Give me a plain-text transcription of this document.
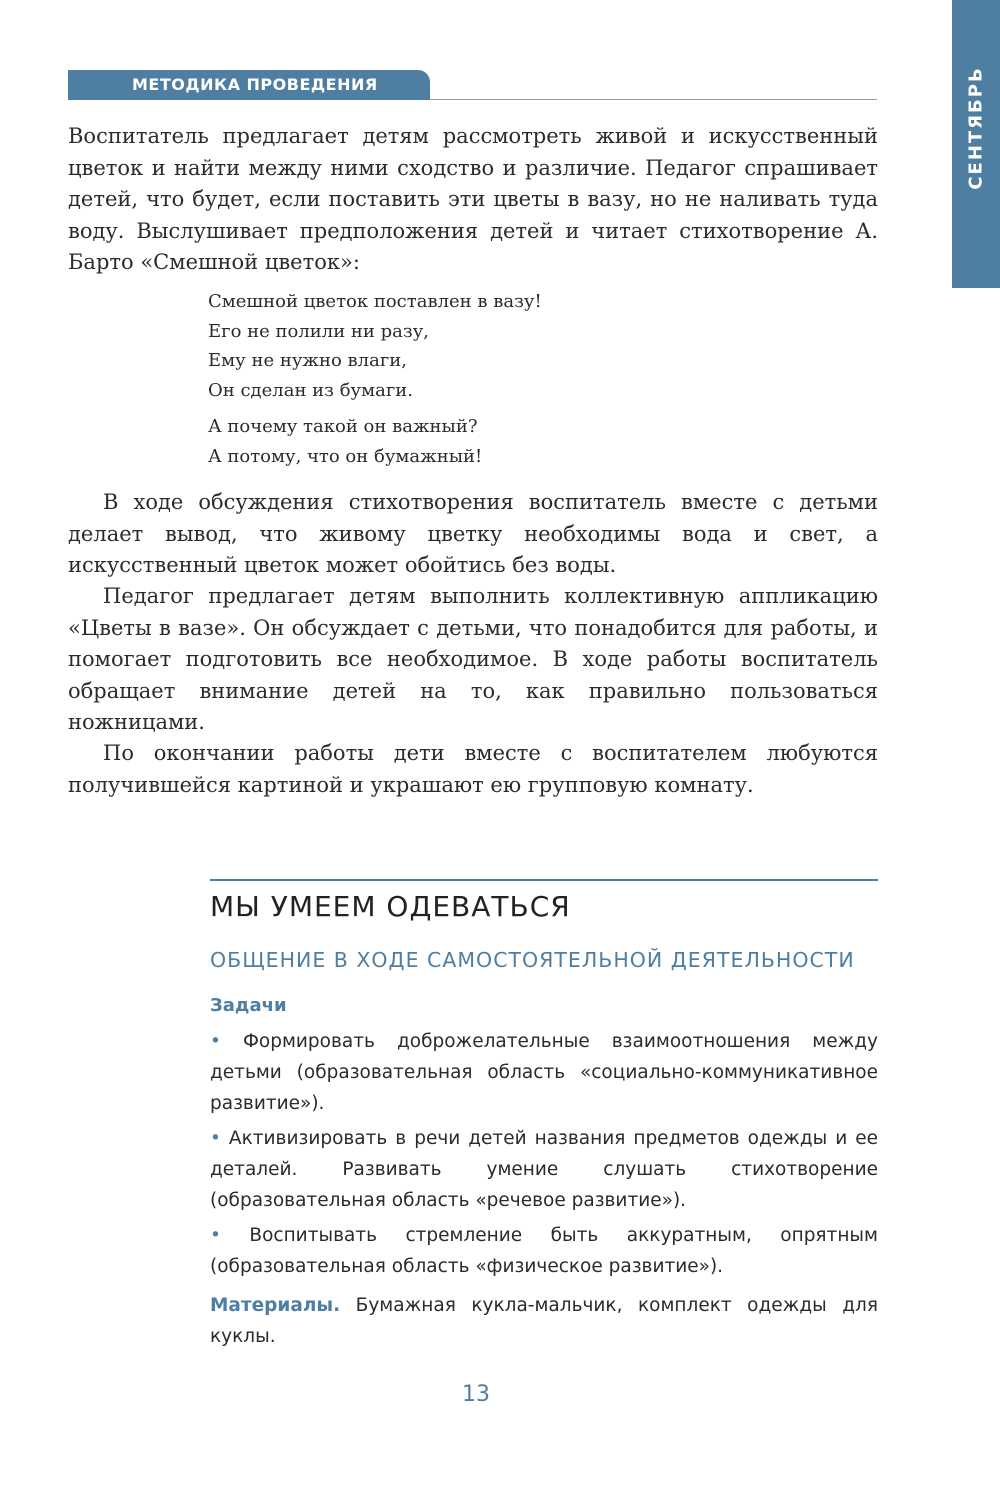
СЕНТЯБРЬ
МЕТОДИКА ПРОВЕДЕНИЯ

Воспитатель предлагает детям рассмотреть живой и искусственный цветок и найти между ними сходство и различие. Педагог спрашивает детей, что будет, если поставить эти цветы в вазу, но не наливать туда воду. Выслушивает предположения детей и читает стихотворение А. Барто «Смешной цветок»:

Смешной цветок поставлен в вазу!
Его не полили ни разу,
Ему не нужно влаги,
Он сделан из бумаги.
А почему такой он важный?
А потому, что он бумажный!

В ходе обсуждения стихотворения воспитатель вместе с детьми делает вывод, что живому цветку необходимы вода и свет, а искусственный цветок может обойтись без воды.

Педагог предлагает детям выполнить коллективную аппликацию «Цветы в вазе». Он обсуждает с детьми, что понадобится для работы, и помогает подготовить все необходимое. В ходе работы воспитатель обращает внимание детей на то, как правильно пользоваться ножницами.

По окончании работы дети вместе с воспитателем любуются получившейся картиной и украшают ею групповую комнату.

МЫ УМЕЕМ ОДЕВАТЬСЯ
ОБЩЕНИЕ В ХОДЕ САМОСТОЯТЕЛЬНОЙ ДЕЯТЕЛЬНОСТИ
Задачи

• Формировать доброжелательные взаимоотношения между детьми (образовательная область «социально-коммуникативное развитие»).

• Активизировать в речи детей названия предметов одежды и ее деталей. Развивать умение слушать стихотворение (образовательная область «речевое развитие»).

• Воспитывать стремление быть аккуратным, опрятным (образовательная область «физическое развитие»).

Материалы. Бумажная кукла-мальчик, комплект одежды для куклы.

13
